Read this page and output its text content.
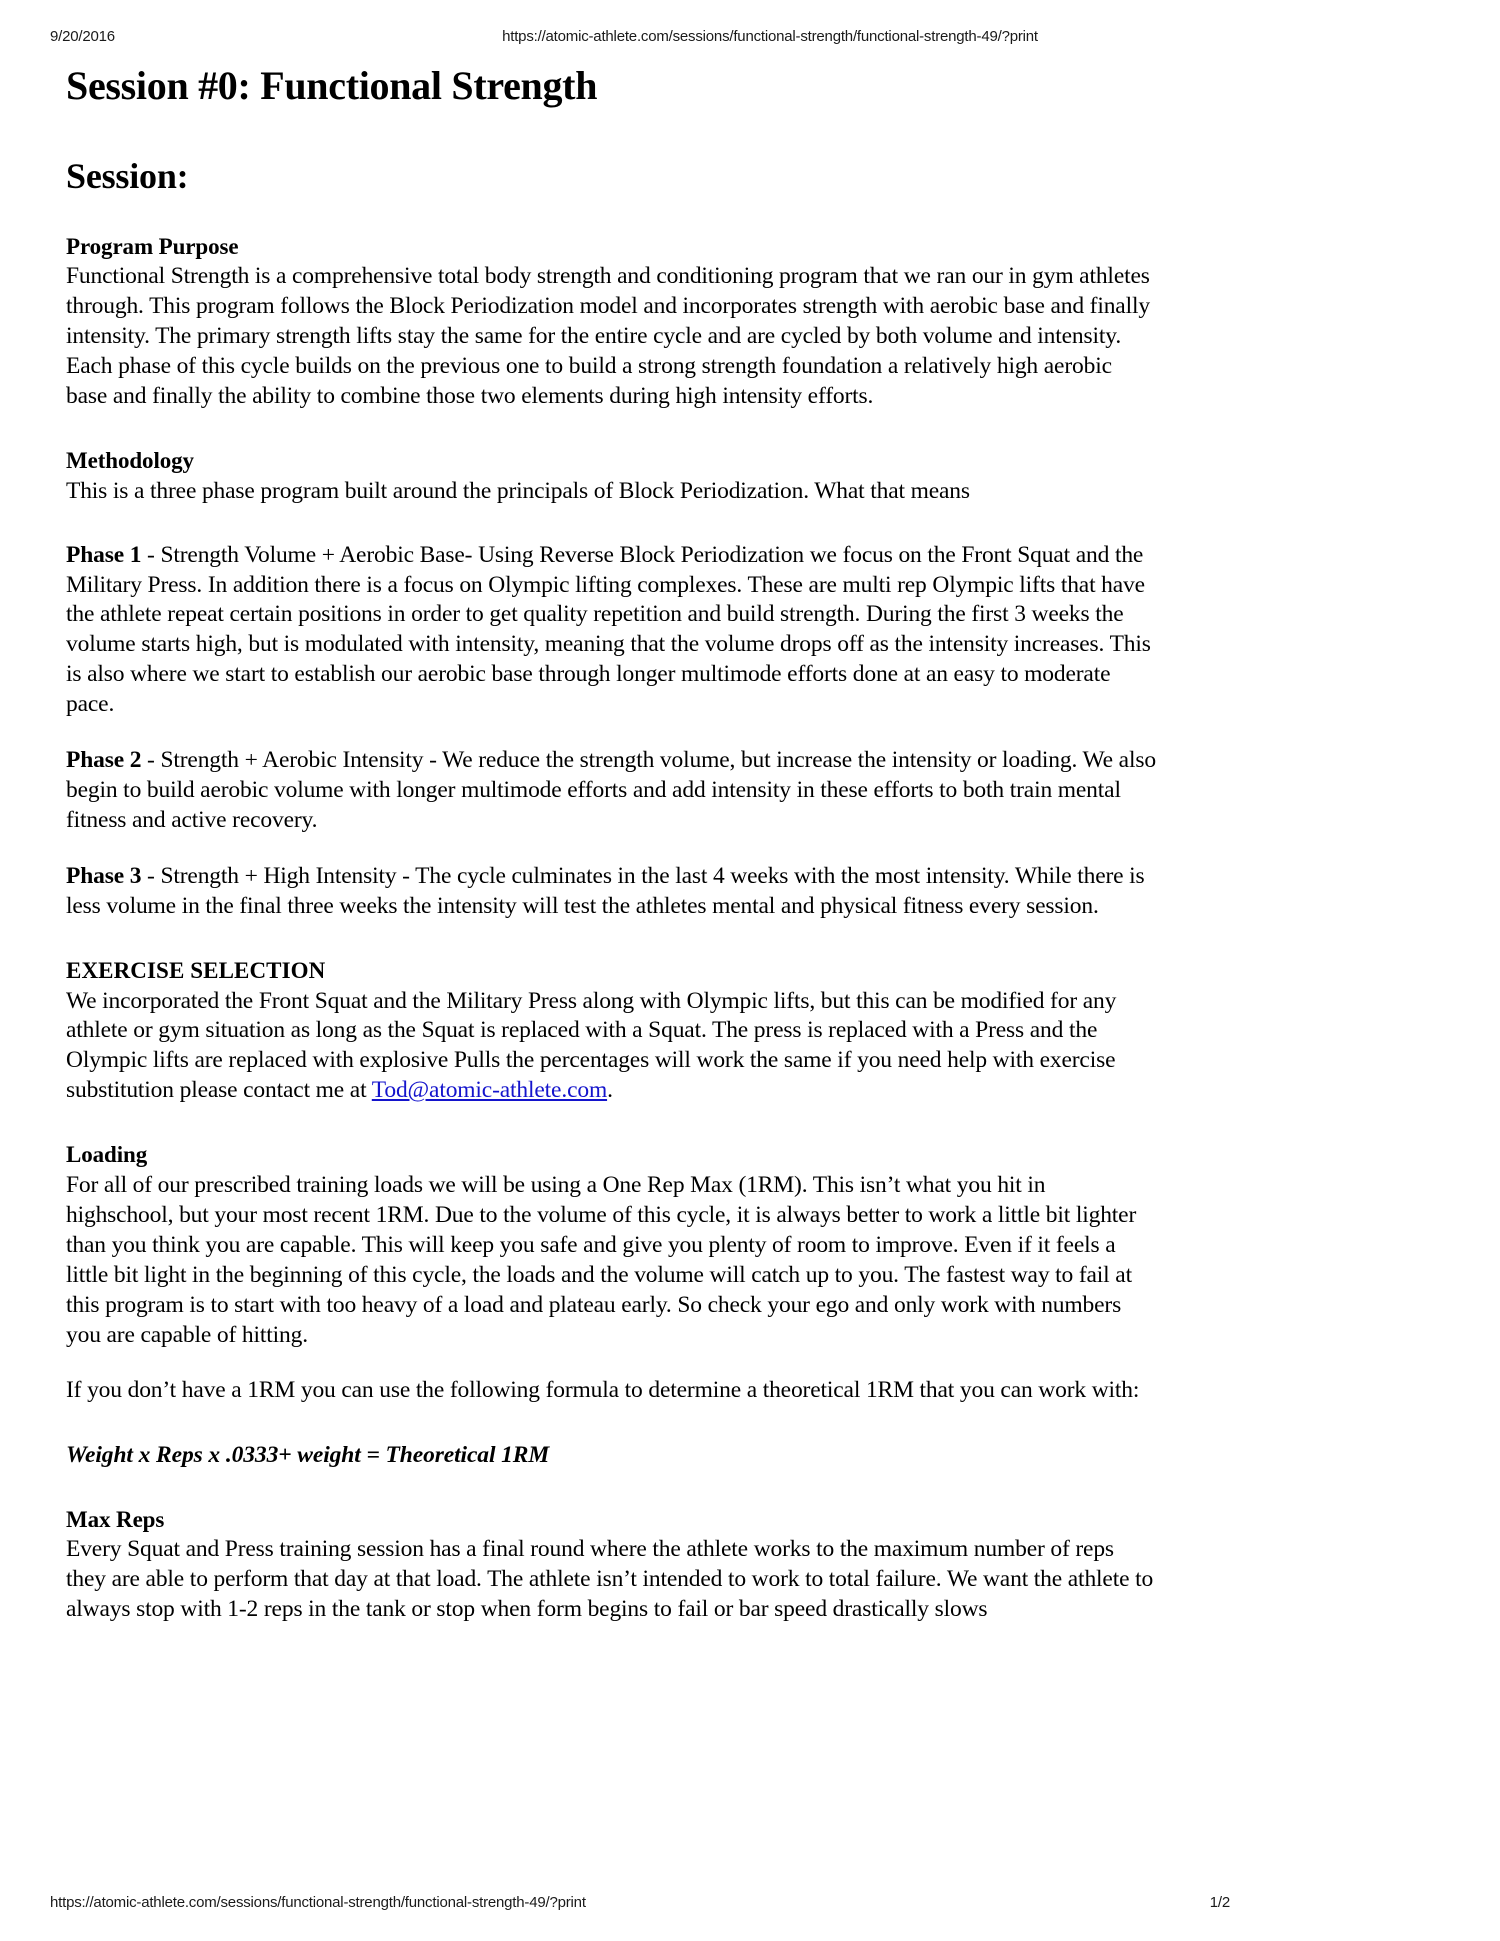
9/20/2016	https://atomic-athlete.com/sessions/functional-strength/functional-strength-49/?print
Session #0: Functional Strength
Session:
Program Purpose

Functional Strength is a comprehensive total body strength and conditioning program that we ran our in gym athletes through. This program follows the Block Periodization model and incorporates strength with aerobic base and finally intensity. The primary strength lifts stay the same for the entire cycle and are cycled by both volume and intensity. Each phase of this cycle builds on the previous one to build a strong strength foundation a relatively high aerobic base and finally the ability to combine those two elements during high intensity efforts.

Methodology

This is a three phase program built around the principals of Block Periodization. What that means

Phase 1 - Strength Volume + Aerobic Base- Using Reverse Block Periodization we focus on the Front Squat and the Military Press. In addition there is a focus on Olympic lifting complexes. These are multi rep Olympic lifts that have the athlete repeat certain positions in order to get quality repetition and build strength. During the first 3 weeks the volume starts high, but is modulated with intensity, meaning that the volume drops off as the intensity increases. This is also where we start to establish our aerobic base through longer multimode efforts done at an easy to moderate pace.

Phase 2 - Strength + Aerobic Intensity - We reduce the strength volume, but increase the intensity or loading. We also begin to build aerobic volume with longer multimode efforts and add intensity in these efforts to both train mental fitness and active recovery.

Phase 3 - Strength + High Intensity - The cycle culminates in the last 4 weeks with the most intensity. While there is less volume in the final three weeks the intensity will test the athletes mental and physical fitness every session.

EXERCISE SELECTION

We incorporated the Front Squat and the Military Press along with Olympic lifts, but this can be modified for any athlete or gym situation as long as the Squat is replaced with a Squat. The press is replaced with a Press and the Olympic lifts are replaced with explosive Pulls the percentages will work the same if you need help with exercise substitution please contact me at Tod@atomic-athlete.com.

Loading

For all of our prescribed training loads we will be using a One Rep Max (1RM). This isn’t what you hit in highschool, but your most recent 1RM. Due to the volume of this cycle, it is always better to work a little bit lighter than you think you are capable. This will keep you safe and give you plenty of room to improve. Even if it feels a little bit light in the beginning of this cycle, the loads and the volume will catch up to you. The fastest way to fail at this program is to start with too heavy of a load and plateau early. So check your ego and only work with numbers you are capable of hitting.

If you don’t have a 1RM you can use the following formula to determine a theoretical 1RM that you can work with:

Weight x Reps x .0333+ weight = Theoretical 1RM

Max Reps

Every Squat and Press training session has a final round where the athlete works to the maximum number of reps they are able to perform that day at that load. The athlete isn’t intended to work to total failure. We want the athlete to always stop with 1-2 reps in the tank or stop when form begins to fail or bar speed drastically slows

https://atomic-athlete.com/sessions/functional-strength/functional-strength-49/?print	1/2
